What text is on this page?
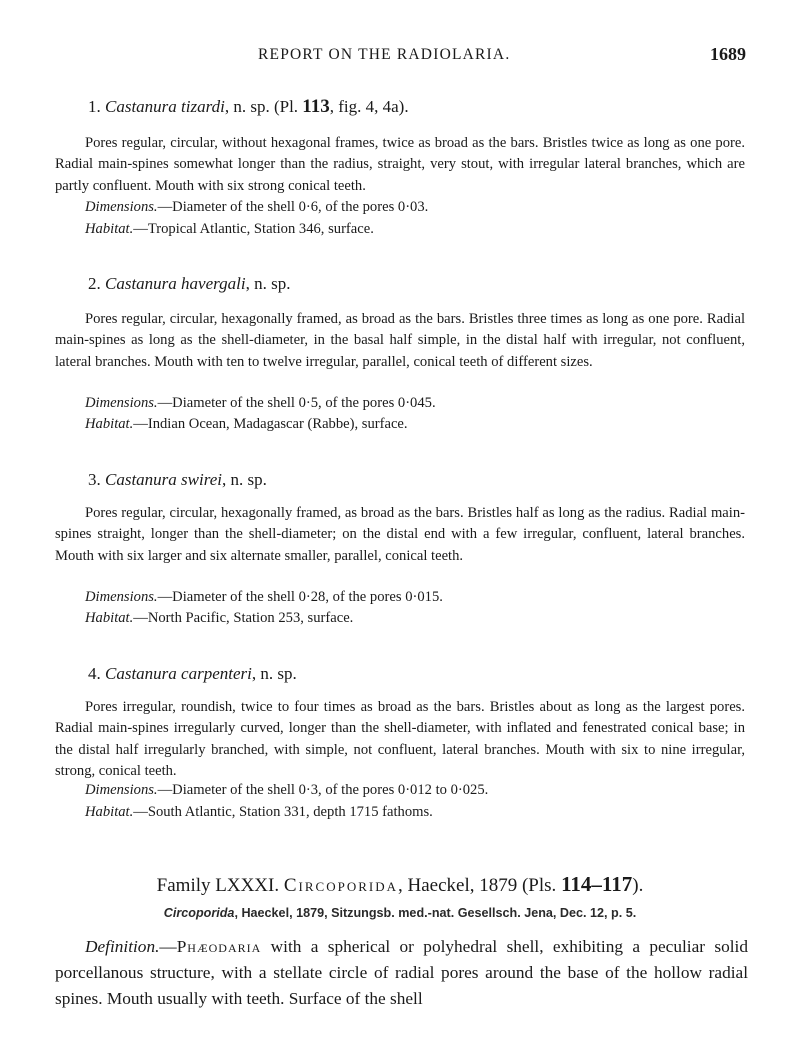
REPORT ON THE RADIOLARIA.	1689
1. Castanura tizardi, n. sp. (Pl. 113, fig. 4, 4a).

Pores regular, circular, without hexagonal frames, twice as broad as the bars. Bristles twice as long as one pore. Radial main-spines somewhat longer than the radius, straight, very stout, with irregular lateral branches, which are partly confluent. Mouth with six strong conical teeth.

Dimensions.—Diameter of the shell 0·6, of the pores 0·03.
Habitat.—Tropical Atlantic, Station 346, surface.
2. Castanura havergali, n. sp.

Pores regular, circular, hexagonally framed, as broad as the bars. Bristles three times as long as one pore. Radial main-spines as long as the shell-diameter, in the basal half simple, in the distal half with irregular, not confluent, lateral branches. Mouth with ten to twelve irregular, parallel, conical teeth of different sizes.

Dimensions.—Diameter of the shell 0·5, of the pores 0·045.
Habitat.—Indian Ocean, Madagascar (Rabbe), surface.
3. Castanura swirei, n. sp.

Pores regular, circular, hexagonally framed, as broad as the bars. Bristles half as long as the radius. Radial main-spines straight, longer than the shell-diameter; on the distal end with a few irregular, confluent, lateral branches. Mouth with six larger and six alternate smaller, parallel, conical teeth.

Dimensions.—Diameter of the shell 0·28, of the pores 0·015.
Habitat.—North Pacific, Station 253, surface.
4. Castanura carpenteri, n. sp.

Pores irregular, roundish, twice to four times as broad as the bars. Bristles about as long as the largest pores. Radial main-spines irregularly curved, longer than the shell-diameter, with inflated and fenestrated conical base; in the distal half irregularly branched, with simple, not confluent, lateral branches. Mouth with six to nine irregular, strong, conical teeth.

Dimensions.—Diameter of the shell 0·3, of the pores 0·012 to 0·025.
Habitat.—South Atlantic, Station 331, depth 1715 fathoms.
Family LXXXI. Circoporida, Haeckel, 1879 (Pls. 114–117).
Circoporida, Haeckel, 1879, Sitzungsb. med.-nat. Gesellsch. Jena, Dec. 12, p. 5.

Definition.—Phæodaria with a spherical or polyhedral shell, exhibiting a peculiar solid porcellanous structure, with a stellate circle of radial pores around the base of the hollow radial spines. Mouth usually with teeth. Surface of the shell
